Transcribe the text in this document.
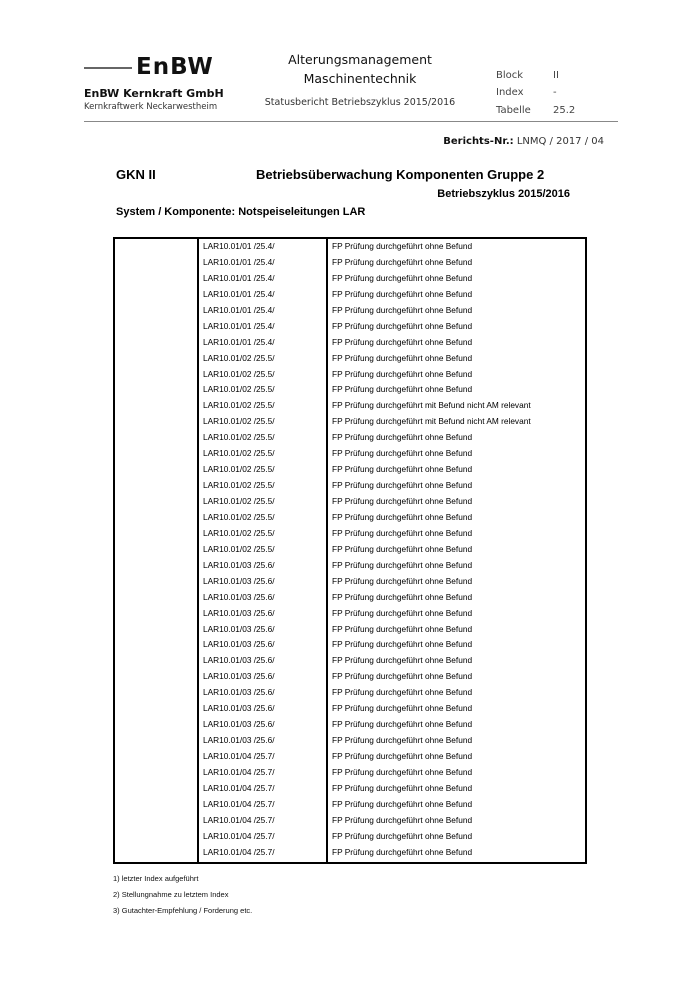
EnBW
EnBW Kernkraft GmbH
Kernkraftwerk Neckarwestheim
Alterungsmanagement
Maschinentechnik
Statusbericht Betriebszyklus 2015/2016
Block	II
Index	-
Tabelle 25.2
Berichts-Nr.: LNMQ / 2017 / 04
GKN II	Betriebsüberwachung Komponenten Gruppe 2
Betriebszyklus 2015/2016
System / Komponente: Notspeiseleitungen LAR
LAR10.01/01 /25.4/	FP Prüfung durchgeführt ohne Befund
LAR10.01/01 /25.4/	FP Prüfung durchgeführt ohne Befund
LAR10.01/01 /25.4/	FP Prüfung durchgeführt ohne Befund
LAR10.01/01 /25.4/	FP Prüfung durchgeführt ohne Befund
LAR10.01/01 /25.4/	FP Prüfung durchgeführt ohne Befund
LAR10.01/01 /25.4/	FP Prüfung durchgeführt ohne Befund
LAR10.01/01 /25.4/	FP Prüfung durchgeführt ohne Befund
LAR10.01/02 /25.5/	FP Prüfung durchgeführt ohne Befund
LAR10.01/02 /25.5/	FP Prüfung durchgeführt ohne Befund
LAR10.01/02 /25.5/	FP Prüfung durchgeführt ohne Befund
LAR10.01/02 /25.5/	FP Prüfung durchgeführt mit Befund nicht AM relevant
LAR10.01/02 /25.5/	FP Prüfung durchgeführt mit Befund nicht AM relevant
LAR10.01/02 /25.5/	FP Prüfung durchgeführt ohne Befund
LAR10.01/02 /25.5/	FP Prüfung durchgeführt ohne Befund
LAR10.01/02 /25.5/	FP Prüfung durchgeführt ohne Befund
LAR10.01/02 /25.5/	FP Prüfung durchgeführt ohne Befund
LAR10.01/02 /25.5/	FP Prüfung durchgeführt ohne Befund
LAR10.01/02 /25.5/	FP Prüfung durchgeführt ohne Befund
LAR10.01/02 /25.5/	FP Prüfung durchgeführt ohne Befund
LAR10.01/02 /25.5/	FP Prüfung durchgeführt ohne Befund
LAR10.01/03 /25.6/	FP Prüfung durchgeführt ohne Befund
LAR10.01/03 /25.6/	FP Prüfung durchgeführt ohne Befund
LAR10.01/03 /25.6/	FP Prüfung durchgeführt ohne Befund
LAR10.01/03 /25.6/	FP Prüfung durchgeführt ohne Befund
LAR10.01/03 /25.6/	FP Prüfung durchgeführt ohne Befund
LAR10.01/03 /25.6/	FP Prüfung durchgeführt ohne Befund
LAR10.01/03 /25.6/	FP Prüfung durchgeführt ohne Befund
LAR10.01/03 /25.6/	FP Prüfung durchgeführt ohne Befund
LAR10.01/03 /25.6/	FP Prüfung durchgeführt ohne Befund
LAR10.01/03 /25.6/	FP Prüfung durchgeführt ohne Befund
LAR10.01/03 /25.6/	FP Prüfung durchgeführt ohne Befund
LAR10.01/03 /25.6/	FP Prüfung durchgeführt ohne Befund
LAR10.01/04 /25.7/	FP Prüfung durchgeführt ohne Befund
LAR10.01/04 /25.7/	FP Prüfung durchgeführt ohne Befund
LAR10.01/04 /25.7/	FP Prüfung durchgeführt ohne Befund
LAR10.01/04 /25.7/	FP Prüfung durchgeführt ohne Befund
LAR10.01/04 /25.7/	FP Prüfung durchgeführt ohne Befund
LAR10.01/04 /25.7/	FP Prüfung durchgeführt ohne Befund
LAR10.01/04 /25.7/	FP Prüfung durchgeführt ohne Befund
1) letzter Index aufgeführt
2) Stellungnahme zu letztem Index
3) Gutachter-Empfehlung / Forderung etc.
